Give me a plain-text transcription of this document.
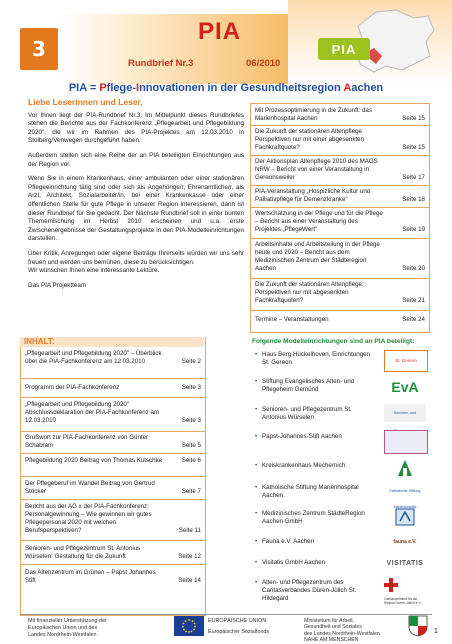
3
PIA
Rundbrief Nr.3	06/2010
PIA
PIA = Pflege-Innovationen in der Gesundheitsregion Aachen
Liebe Leserinnen und Leser,

Vor Ihnen liegt der PIA-Rundbrief Nr.3. Im Mittelpunkt dieses Rundbriefes stehen die Berichte aus der Fachkonferenz „Pflegearbeit und Pflegebildung 2020“, die wir im Rahmen des PIA-Projektes am 12.03.2010 in Stolberg/Venwegen durchgeführt haben.

Außerdem stellen sich eine Reihe der an PIA beteiligten Einrichtungen aus der Region vor.

Wenn Sie in einem Krankenhaus, einer ambulanten oder einer stationären Pflegeeinrichtung tätig sind oder sich als Angehörige/r, Ehrenamtliche/r, als Arzt, Architekt, Sozialarbeiter/in, bei einer Krankenkasse oder einer öffentlichen Stelle für gute Pflege in unserer Region interessieren, dann ist dieser Rundbrief für Sie gedacht. Der Nächste Rundbrief soll in einer bunten Thememischung im Herbst 2010 erscheinen und u.a. erste Zwischenergebnisse der Gestaltungsprojekte in den PIA-Modelleinrichtungen darstellen.

Über Kritik, Anregungen oder eigene Beiträge Ihrerseits würden wir uns sehr freuen und werden uns bemühen, diese zu berücksichtigen.
Wir wünschen Ihnen eine interessante Lektüre.

Das PIA Projektteam

Mit Prozessoptimierung in die Zukunft: das Marienhospital Aachen	Seite 15
Die Zukunft der stationären Altenpflege Perspektiven nur mit einer abgesenkten Fachkraftquote?	Seite 15
Der Aktionsplan Altenpflege 2010 des MAGS NRW – Bericht von einer Veranstaltung in Gereonsweiler	Seite 17
PIA-Veranstaltung „Hospizliche Kultur und Palliativpflege für Demenzkranke“	Seite 18
Wertschätzung in der Pflege und für die Pflege – Bericht aus einer Veranstaltung des Projektes „PflegeWert“	Seite 19
Arbeitsinhalte und Arbeitsteilung in der Pflege heute und 2020 – Bericht aus dem Medizinischen Zentrum der Städteregion Aachen	Seite 20
Die Zukunft der stationären Altenpflege: Perspektiven nur mit abgesenkten Fachkraftquoten?	Seite 21
Termine – Veranstaltungen	Seite 24
„Pflegearbeit und Pflegebildung 2020“ – Überblick über die PIA-Fachkonferenz am 12.03.2010	Seite 2
Programm der PIA-Fachkonferenz	Seite 3
„Pflegearbeit und Pflegebildung 2020“ Abschlussdeklaration der PIA-Fachkonferenz am 12.03.2010	Seite 3
Grußwort zur PIA-Fachkonferenz von Günter Schabram	Seite 5
Pflegebildung 2020 Beitrag von Thomas Kutschke	Seite 6
Der Pflegeberuf im Wandel Beitrag von Gertrud Stöcker	Seite 7
Bericht aus der AG x der PIA-Fachkonferenz: Personalgewinnung – Wie gewinnen wir gutes Pflegepersonal 2020 mit welchen Berufsperspektiven?	Seite 11
Senioren- und Pflegezentrum St. Antonius Würselen: Gestaltung für die Zukunft	Seite 12
Das Altenzentrum im Grünen – Papst Johannes Stift	Seite 14
INHALT:	Folgende Modelleinrichtungen sind an PIA beteiligt:
• Haus Berg Hückelhoven, Einrichtungen St. Gereon	St. Gereon
• Stiftung Evangelisches Alten- und Pflegeheim Gemünd	EvA
• Senioren- und Pflegezentrum St. Antonius Würselen
Senioren- und
• Papst-Johannes-Stift Aachen
• Kreiskrankenhaus Mechernich
• Katholische Stiftung Marienhospital Aachen
Katholische Stiftung Marienhospital
• Medizinisches Zentrum StädteRegion Aachen GmbH
• Fauna e.V. Aachen	fauna e.V.
• Visitatis GmbH Aachen	VISITATIS
• Alten- und Pflegezentrum des Caritasverbandes Düren-Jülich St. Hildegard	Caritasverband für die Region Düren-Jülich e.V.
Mit finanzieller Unterstützung der
Europäischen Union und des
Landes Nordrhein-Westfalen
EUROPÄISCHE UNION
Europäischer Sozialfonds
Ministerium für Arbeit,
Gesundheit und Soziales
des Landes Nordrhein-Westfalen
NAHE AM MENSCHEN
1
